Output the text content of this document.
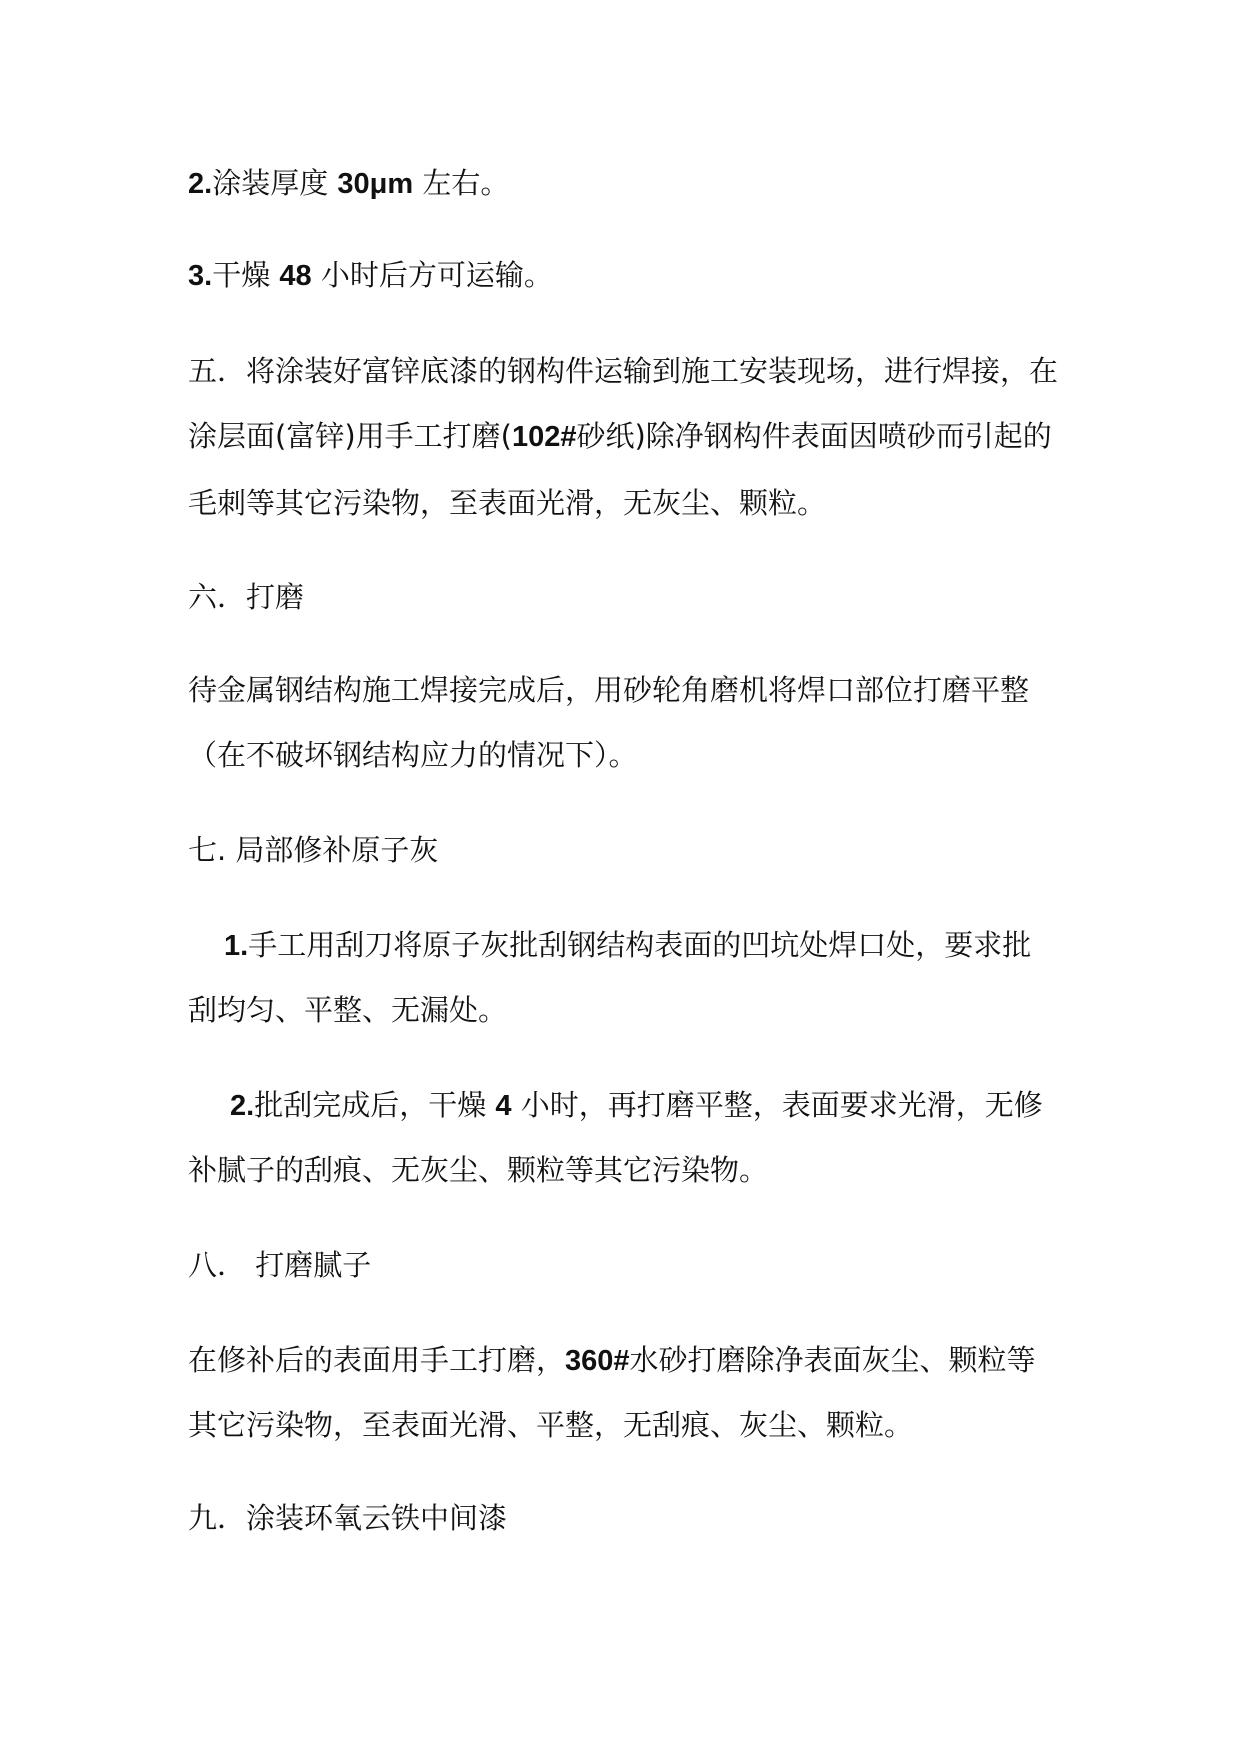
2.涂装厚度 30μm 左右。
3.干燥 48 小时后方可运输。
五．将涂装好富锌底漆的钢构件运输到施工安装现场，进行焊接，在
涂层面(富锌)用手工打磨(102#砂纸)除净钢构件表面因喷砂而引起的
毛刺等其它污染物，至表面光滑，无灰尘、颗粒。
六．打磨
待金属钢结构施工焊接完成后，用砂轮角磨机将焊口部位打磨平整
（在不破坏钢结构应力的情况下）。
七. 局部修补原子灰
1.手工用刮刀将原子灰批刮钢结构表面的凹坑处焊口处，要求批
刮均匀、平整、无漏处。
2.批刮完成后，干燥 4 小时，再打磨平整，表面要求光滑，无修
补腻子的刮痕、无灰尘、颗粒等其它污染物。
八． 打磨腻子
在修补后的表面用手工打磨，360#水砂打磨除净表面灰尘、颗粒等
其它污染物，至表面光滑、平整，无刮痕、灰尘、颗粒。
九．涂装环氧云铁中间漆
